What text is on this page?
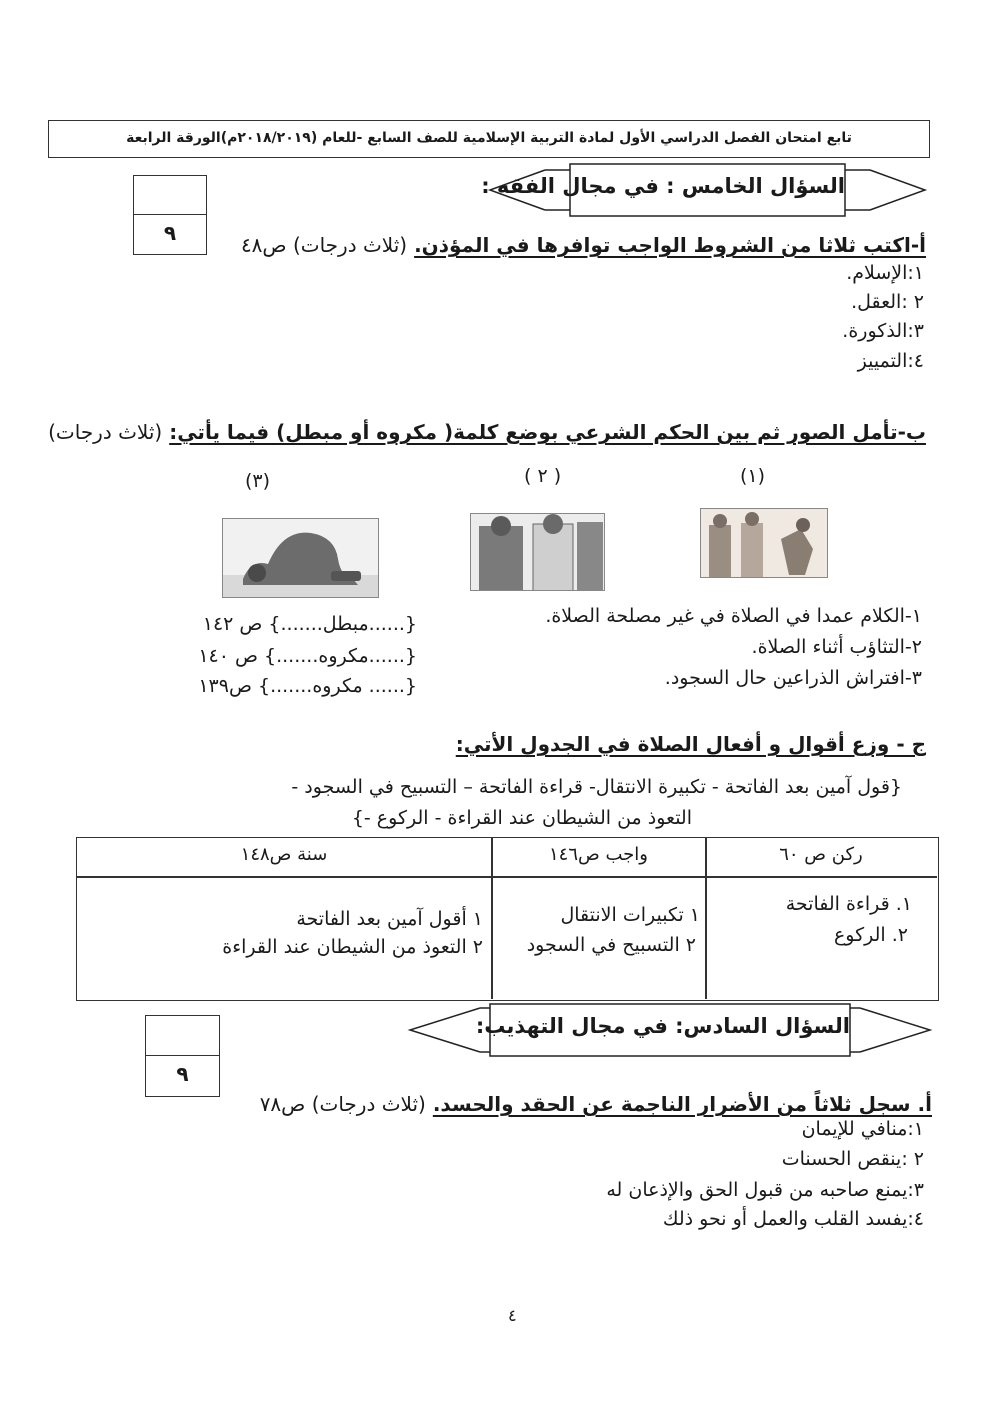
تابع امتحان الفصل الدراسي الأول لمادة التربية الإسلامية للصف السابع -للعام (٢٠١٨/٢٠١٩م)الورقة الرابعة
٩
السؤال الخامس : في مجال الفقه :
أ-اكتب ثلاثا من الشروط الواجب توافرها في المؤذن. (ثلاث درجات) ص٤٨
١:الإسلام.
٢ :العقل.
٣:الذكورة.
٤:التمييز
ب-تأمل الصور ثم بين الحكم الشرعي بوضع كلمة( مكروه أو مبطل) فيما يأتي: (ثلاث درجات)
(٣)	( ٢ )	(١)
١-الكلام عمدا في الصلاة في غير مصلحة الصلاة.
٢-التثاؤب أثناء الصلاة.
٣-افتراش الذراعين حال السجود.
{......مبطل.......} ص ١٤٢
{......مكروه.......} ص ١٤٠
{...... مكروه.......} ص١٣٩
ج - وزع أقوال و أفعال الصلاة في الجدول الأتي:
{قول آمين بعد الفاتحة - تكبيرة الانتقال- قراءة الفاتحة – التسبيح في السجود -
التعوذ من الشيطان عند القراءة - الركوع -}
ركن ص ٦٠
واجب ص١٤٦
سنة ص١٤٨
١. قراءة الفاتحة
٢. الركوع
١ تكبيرات الانتقال
٢ التسبيح في السجود
١ أقول آمين بعد الفاتحة
٢ التعوذ من الشيطان عند القراءة
٩
السؤال السادس: في مجال التهذيب:
أ. سجل ثلاثاً من الأضرار الناجمة عن الحقد والحسد. (ثلاث درجات) ص٧٨
١:منافي للإيمان
٢ :ينقص الحسنات
٣:يمنع صاحبه من قبول الحق والإذعان له
٤:يفسد القلب والعمل أو نحو ذلك
٤
